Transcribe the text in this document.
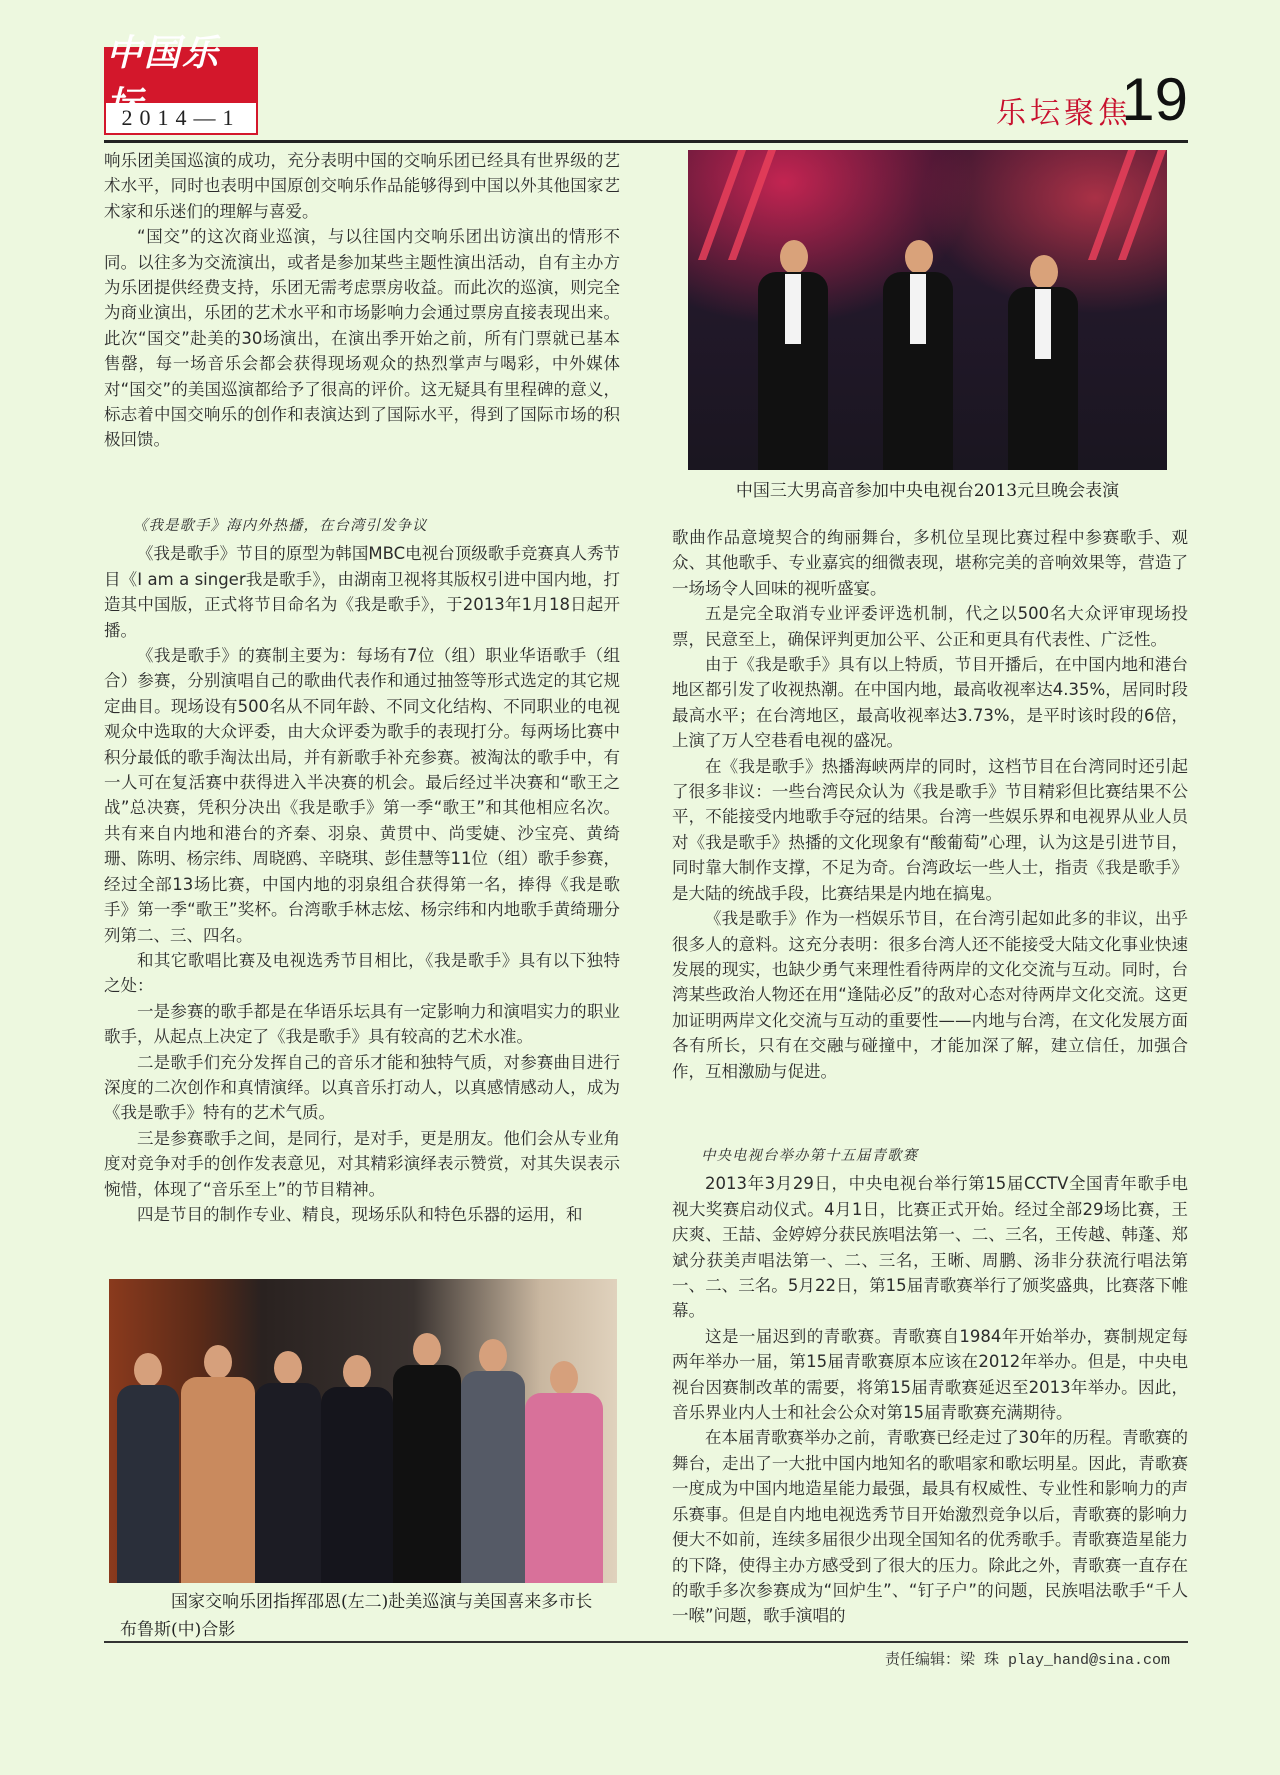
中国乐坛
2014—1	乐坛聚焦
19

响乐团美国巡演的成功，充分表明中国的交响乐团已经具有世界级的艺术水平，同时也表明中国原创交响乐作品能够得到中国以外其他国家艺术家和乐迷们的理解与喜爱。

“国交”的这次商业巡演，与以往国内交响乐团出访演出的情形不同。以往多为交流演出，或者是参加某些主题性演出活动，自有主办方为乐团提供经费支持，乐团无需考虑票房收益。而此次的巡演，则完全为商业演出，乐团的艺术水平和市场影响力会通过票房直接表现出来。此次“国交”赴美的30场演出，在演出季开始之前，所有门票就已基本售罄，每一场音乐会都会获得现场观众的热烈掌声与喝彩，中外媒体对“国交”的美国巡演都给予了很高的评价。这无疑具有里程碑的意义，标志着中国交响乐的创作和表演达到了国际水平，得到了国际市场的积极回馈。

《我是歌手》海内外热播，在台湾引发争议

《我是歌手》节目的原型为韩国MBC电视台顶级歌手竞赛真人秀节目《I am a singer我是歌手》，由湖南卫视将其版权引进中国内地，打造其中国版，正式将节目命名为《我是歌手》，于2013年1月18日起开播。

《我是歌手》的赛制主要为：每场有7位（组）职业华语歌手（组合）参赛，分别演唱自己的歌曲代表作和通过抽签等形式选定的其它规定曲目。现场设有500名从不同年龄、不同文化结构、不同职业的电视观众中选取的大众评委，由大众评委为歌手的表现打分。每两场比赛中积分最低的歌手淘汰出局，并有新歌手补充参赛。被淘汰的歌手中，有一人可在复活赛中获得进入半决赛的机会。最后经过半决赛和“歌王之战”总决赛，凭积分决出《我是歌手》第一季“歌王”和其他相应名次。共有来自内地和港台的齐秦、羽泉、黄贯中、尚雯婕、沙宝亮、黄绮珊、陈明、杨宗纬、周晓鸥、辛晓琪、彭佳慧等11位（组）歌手参赛，经过全部13场比赛，中国内地的羽泉组合获得第一名，捧得《我是歌手》第一季“歌王”奖杯。台湾歌手林志炫、杨宗纬和内地歌手黄绮珊分列第二、三、四名。

和其它歌唱比赛及电视选秀节目相比，《我是歌手》具有以下独特之处：

一是参赛的歌手都是在华语乐坛具有一定影响力和演唱实力的职业歌手，从起点上决定了《我是歌手》具有较高的艺术水准。

二是歌手们充分发挥自己的音乐才能和独特气质，对参赛曲目进行深度的二次创作和真情演绎。以真音乐打动人，以真感情感动人，成为《我是歌手》特有的艺术气质。

三是参赛歌手之间，是同行，是对手，更是朋友。他们会从专业角度对竞争对手的创作发表意见，对其精彩演绎表示赞赏，对其失误表示惋惜，体现了“音乐至上”的节目精神。

四是节目的制作专业、精良，现场乐队和特色乐器的运用，和

中国三大男高音参加中央电视台2013元旦晚会表演
国家交响乐团指挥邵恩(左二)赴美巡演与美国喜来多市长布鲁斯(中)合影

歌曲作品意境契合的绚丽舞台，多机位呈现比赛过程中参赛歌手、观众、其他歌手、专业嘉宾的细微表现，堪称完美的音响效果等，营造了一场场令人回味的视听盛宴。

五是完全取消专业评委评选机制，代之以500名大众评审现场投票，民意至上，确保评判更加公平、公正和更具有代表性、广泛性。

由于《我是歌手》具有以上特质，节目开播后，在中国内地和港台地区都引发了收视热潮。在中国内地，最高收视率达4.35%，居同时段最高水平；在台湾地区，最高收视率达3.73%，是平时该时段的6倍，上演了万人空巷看电视的盛况。

在《我是歌手》热播海峡两岸的同时，这档节目在台湾同时还引起了很多非议：一些台湾民众认为《我是歌手》节目精彩但比赛结果不公平，不能接受内地歌手夺冠的结果。台湾一些娱乐界和电视界从业人员对《我是歌手》热播的文化现象有“酸葡萄”心理，认为这是引进节目，同时靠大制作支撑，不足为奇。台湾政坛一些人士，指责《我是歌手》是大陆的统战手段，比赛结果是内地在搞鬼。

《我是歌手》作为一档娱乐节目，在台湾引起如此多的非议，出乎很多人的意料。这充分表明：很多台湾人还不能接受大陆文化事业快速发展的现实，也缺少勇气来理性看待两岸的文化交流与互动。同时，台湾某些政治人物还在用“逢陆必反”的敌对心态对待两岸文化交流。这更加证明两岸文化交流与互动的重要性——内地与台湾，在文化发展方面各有所长，只有在交融与碰撞中，才能加深了解，建立信任，加强合作，互相激励与促进。

中央电视台举办第十五届青歌赛

2013年3月29日，中央电视台举行第15届CCTV全国青年歌手电视大奖赛启动仪式。4月1日，比赛正式开始。经过全部29场比赛，王庆爽、王喆、金婷婷分获民族唱法第一、二、三名，王传越、韩蓬、郑斌分获美声唱法第一、二、三名，王晰、周鹏、汤非分获流行唱法第一、二、三名。5月22日，第15届青歌赛举行了颁奖盛典，比赛落下帷幕。

这是一届迟到的青歌赛。青歌赛自1984年开始举办，赛制规定每两年举办一届，第15届青歌赛原本应该在2012年举办。但是，中央电视台因赛制改革的需要，将第15届青歌赛延迟至2013年举办。因此，音乐界业内人士和社会公众对第15届青歌赛充满期待。

在本届青歌赛举办之前，青歌赛已经走过了30年的历程。青歌赛的舞台，走出了一大批中国内地知名的歌唱家和歌坛明星。因此，青歌赛一度成为中国内地造星能力最强，最具有权威性、专业性和影响力的声乐赛事。但是自内地电视选秀节目开始激烈竞争以后，青歌赛的影响力便大不如前，连续多届很少出现全国知名的优秀歌手。青歌赛造星能力的下降，使得主办方感受到了很大的压力。除此之外，青歌赛一直存在的歌手多次参赛成为“回炉生”、“钉子户”的问题，民族唱法歌手“千人一喉”问题，歌手演唱的

责任编辑：梁 珠 play_hand@sina.com
